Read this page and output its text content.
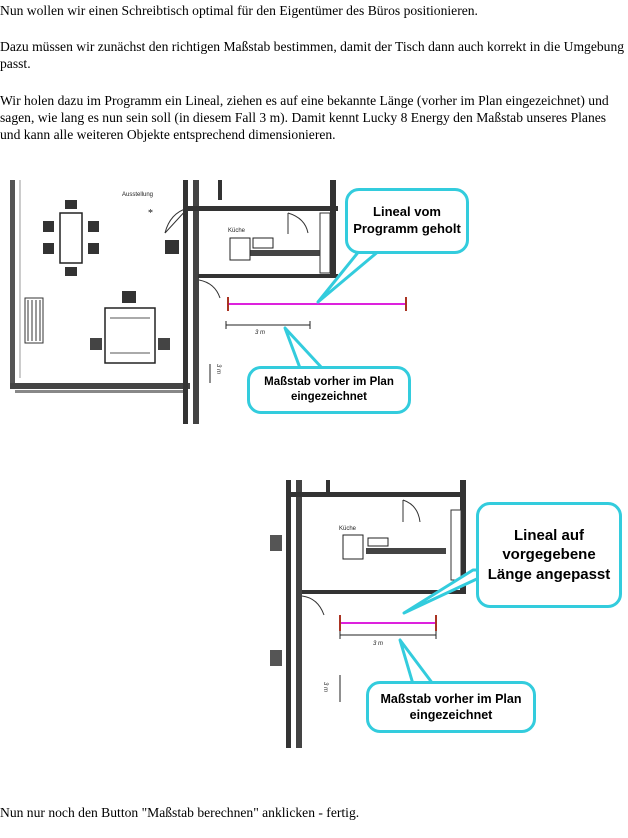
Nun wollen wir einen Schreibtisch optimal für den Eigentümer des Büros positionieren.

Dazu müssen wir zunächst den richtigen Maßstab bestimmen, damit der Tisch dann auch korrekt in die Umgebung passt.

Wir holen dazu im Programm ein Lineal, ziehen es auf eine bekannte Länge (vorher im Plan eingezeichnet) und sagen, wie lang es nun sein soll (in diesem Fall 3 m). Damit kennt Lucky 8 Energy den Maßstab unseres Planes und kann alle weiteren Objekte entsprechend dimensionieren.

*
Ausstellung
Küche
3 m
3 m
Lineal vom Programm geholt
Maßstab vorher im Plan eingezeichnet
Küche
3 m
3 m
Lineal auf vorgegebene Länge angepasst
Maßstab vorher im Plan eingezeichnet

Nun nur noch den Button "Maßstab berechnen" anklicken - fertig.
